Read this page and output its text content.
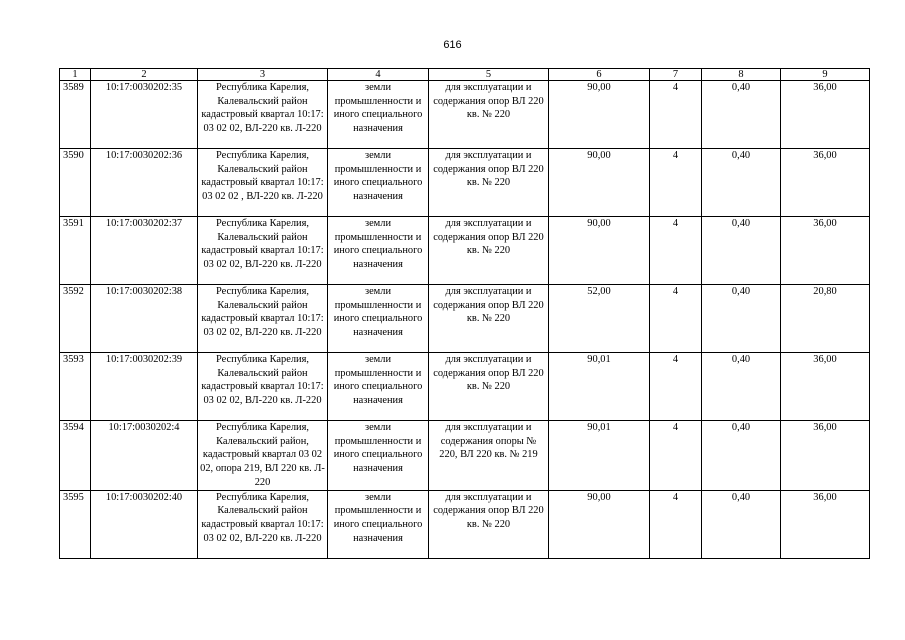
616
1	2	3	4	5	6	7	8	9
3589	10:17:0030202:35	Республика Карелия, Калевальский район кадастровый квартал 10:17: 03 02 02, ВЛ-220 кв. Л-220	земли промышленности и иного специального назначения	для эксплуатации и содержания опор ВЛ 220 кв. № 220	90,00	4	0,40	36,00
3590	10:17:0030202:36	Республика Карелия, Калевальский район кадастровый квартал 10:17: 03 02 02 , ВЛ-220 кв. Л-220	земли промышленности и иного специального назначения	для эксплуатации и содержания опор ВЛ 220 кв. № 220	90,00	4	0,40	36,00
3591	10:17:0030202:37	Республика Карелия, Калевальский район кадастровый квартал 10:17: 03 02 02, ВЛ-220 кв. Л-220	земли промышленности и иного специального назначения	для эксплуатации и содержания опор ВЛ 220 кв. № 220	90,00	4	0,40	36,00
3592	10:17:0030202:38	Республика Карелия, Калевальский район кадастровый квартал 10:17: 03 02 02, ВЛ-220 кв. Л-220	земли промышленности и иного специального назначения	для эксплуатации и содержания опор ВЛ 220 кв. № 220	52,00	4	0,40	20,80
3593	10:17:0030202:39	Республика Карелия, Калевальский район кадастровый квартал 10:17: 03 02 02, ВЛ-220 кв. Л-220	земли промышленности и иного специального назначения	для эксплуатации и содержания опор ВЛ 220 кв. № 220	90,01	4	0,40	36,00
3594	10:17:0030202:4	Республика Карелия, Калевальский район, кадастровый квартал 03 02 02, опора 219, ВЛ 220 кв. Л- 220	земли промышленности и иного специального назначения	для эксплуатации и содержания опоры № 220, ВЛ 220 кв. № 219	90,01	4	0,40	36,00
3595	10:17:0030202:40	Республика Карелия, Калевальский район кадастровый квартал 10:17: 03 02 02, ВЛ-220 кв. Л-220	земли промышленности и иного специального назначения	для эксплуатации и содержания опор ВЛ 220 кв. № 220	90,00	4	0,40	36,00
